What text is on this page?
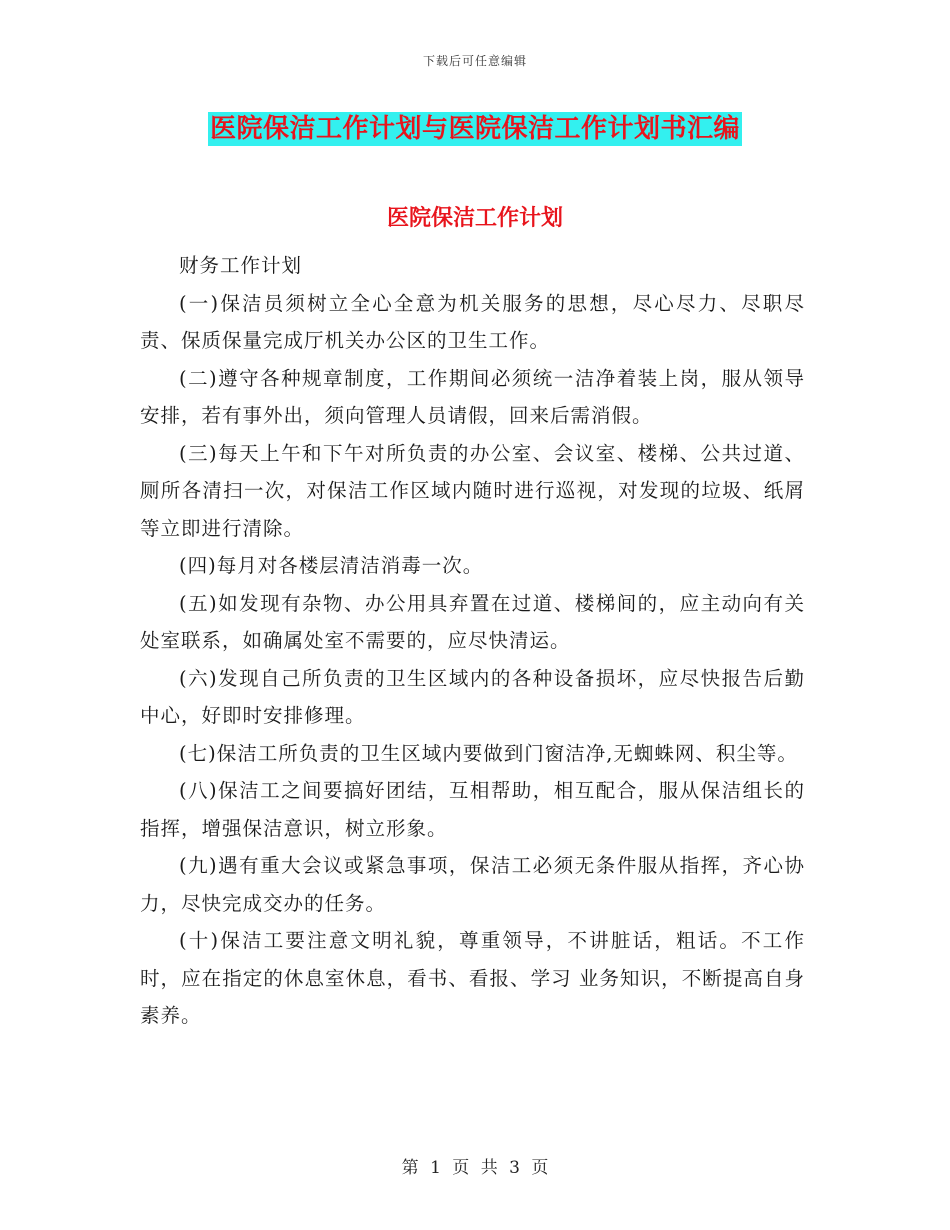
下载后可任意编辑
医院保洁工作计划与医院保洁工作计划书汇编
医院保洁工作计划

财务工作计划

(一)保洁员须树立全心全意为机关服务的思想，尽心尽力、尽职尽责、保质保量完成厅机关办公区的卫生工作。

(二)遵守各种规章制度，工作期间必须统一洁净着装上岗，服从领导安排，若有事外出，须向管理人员请假，回来后需消假。

(三)每天上午和下午对所负责的办公室、会议室、楼梯、公共过道、厕所各清扫一次，对保洁工作区域内随时进行巡视，对发现的垃圾、纸屑等立即进行清除。

(四)每月对各楼层清洁消毒一次。

(五)如发现有杂物、办公用具弃置在过道、楼梯间的，应主动向有关处室联系，如确属处室不需要的，应尽快清运。

(六)发现自己所负责的卫生区域内的各种设备损坏，应尽快报告后勤中心，好即时安排修理。

(七)保洁工所负责的卫生区域内要做到门窗洁净,无蜘蛛网、积尘等。

(八)保洁工之间要搞好团结，互相帮助，相互配合，服从保洁组长的指挥，增强保洁意识，树立形象。

(九)遇有重大会议或紧急事项，保洁工必须无条件服从指挥，齐心协力，尽快完成交办的任务。

(十)保洁工要注意文明礼貌，尊重领导，不讲脏话，粗话。不工作时，应在指定的休息室休息，看书、看报、学习 业务知识，不断提高自身素养。

第 1 页 共 3 页
